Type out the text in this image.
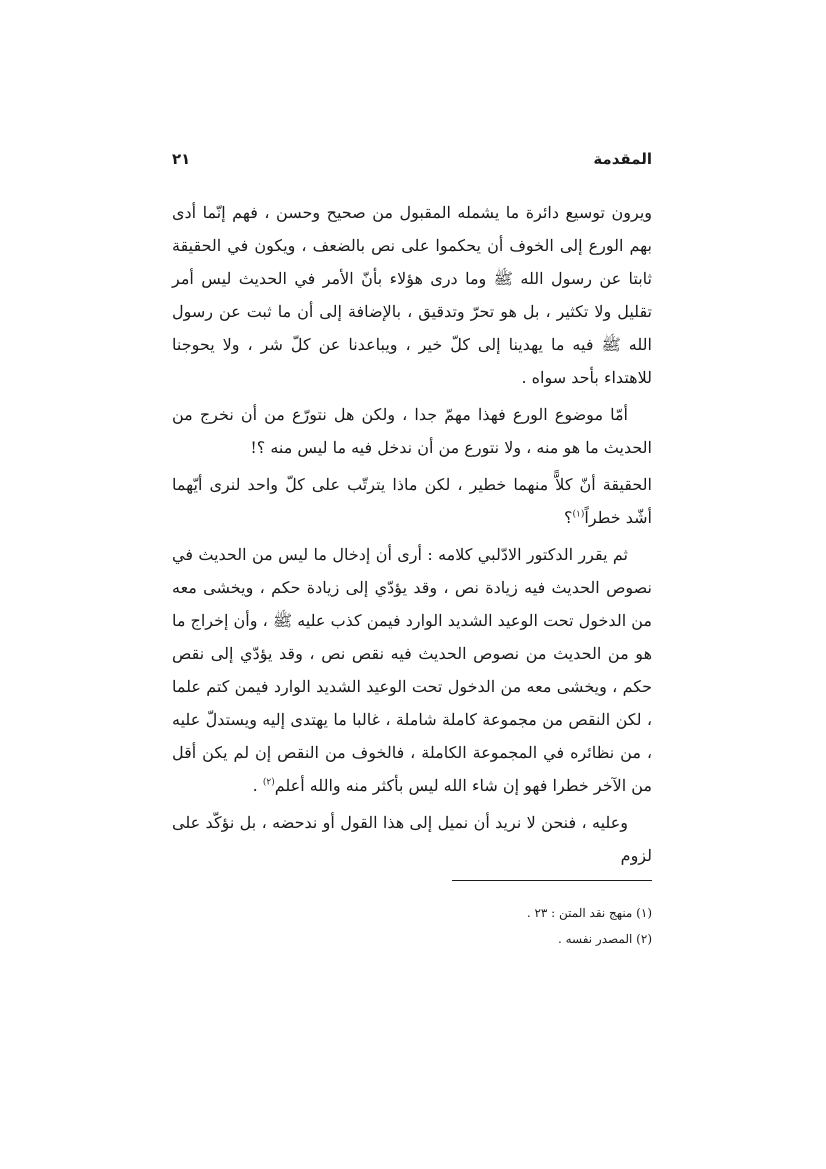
المقدمة
٢١

ويرون توسيع دائرة ما يشمله المقبول من صحيح وحسن ، فهم إنّما أدى بهم الورع إلى الخوف أن يحكموا على نص بالضعف ، ويكون في الحقيقة ثابتا عن رسول الله ﷺ وما درى هؤلاء بأنّ الأمر في الحديث ليس أمر تقليل ولا تكثير ، بل هو تحرّ وتدقيق ، بالإضافة إلى أن ما ثبت عن رسول الله ﷺ فيه ما يهدينا إلى كلّ خير ، ويباعدنا عن كلّ شر ، ولا يحوجنا للاهتداء بأحد سواه .

أمّا موضوع الورع فهذا مهمّ جدا ، ولكن هل نتورّع من أن نخرج من الحديث ما هو منه ، ولا نتورع من أن ندخل فيه ما ليس منه ؟!

الحقيقة أنّ كلاًّ منهما خطير ، لكن ماذا يترتّب على كلّ واحد لنرى أيّهما أشّد خطراً$^{(١)}$؟

ثم يقرر الدكتور الادّلبي كلامه : أرى أن إدخال ما ليس من الحديث في نصوص الحديث فيه زيادة نص ، وقد يؤدّي إلى زيادة حكم ، ويخشى معه من الدخول تحت الوعيد الشديد الوارد فيمن كذب عليه ﷺ ، وأن إخراج ما هو من الحديث من نصوص الحديث فيه نقص نص ، وقد يؤدّي إلى نقص حكم ، ويخشى معه من الدخول تحت الوعيد الشديد الوارد فيمن كتم علما ، لكن النقص من مجموعة كاملة شاملة ، غالبا ما يهتدى إليه ويستدلّ عليه ، من نظائره في المجموعة الكاملة ، فالخوف من النقص إن لم يكن أقل من الآخر خطرا فهو إن شاء الله ليس بأكثر منه والله أعلم$^{(٢)}$ .

وعليه ، فنحن لا نريد أن نميل إلى هذا القول أو ندحضه ، بل نؤكّد على لزوم

(١) منهج نقد المتن : ٢٣ .
(٢) المصدر نفسه .
